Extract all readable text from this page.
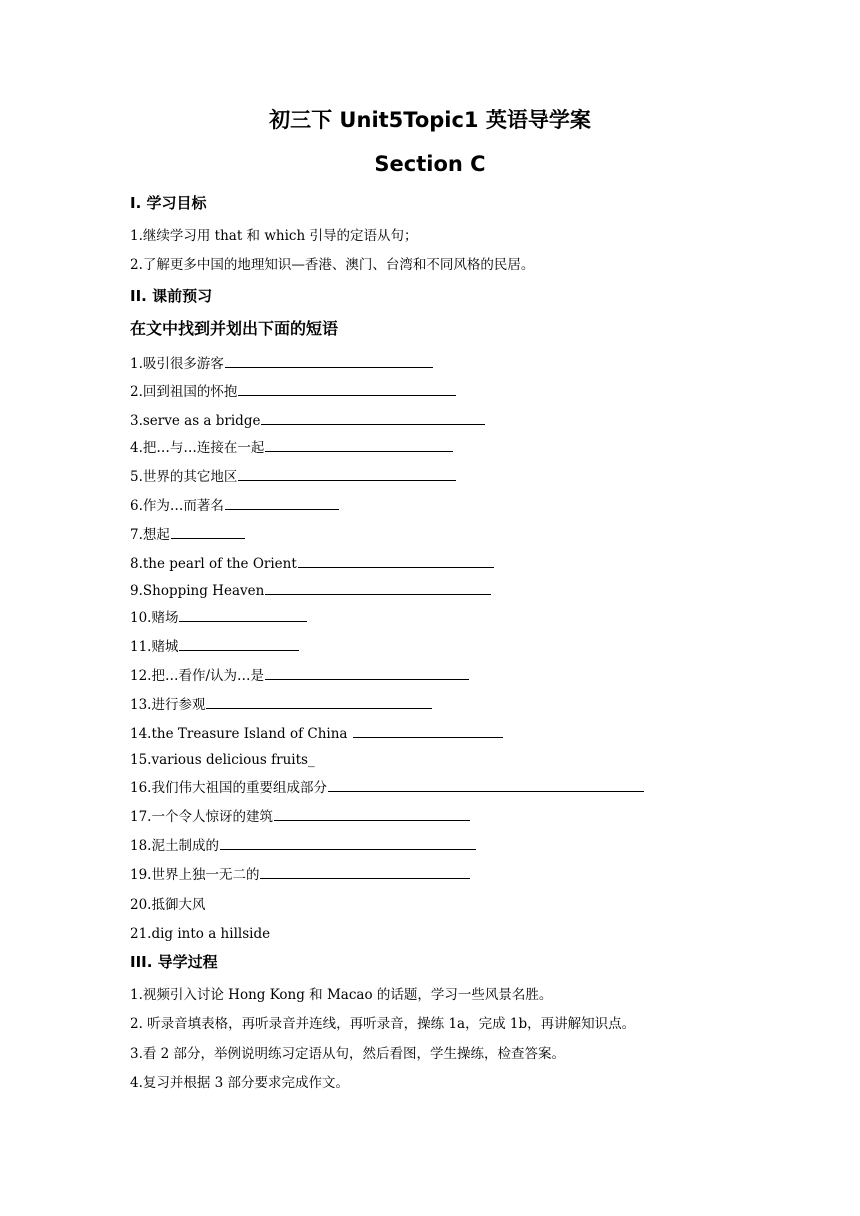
初三下 Unit5Topic1 英语导学案
Section C
I. 学习目标
1.继续学习用 that 和 which 引导的定语从句；
2.了解更多中国的地理知识—香港、澳门、台湾和不同风格的民居。
II. 课前预习
在文中找到并划出下面的短语
1.吸引很多游客
2.回到祖国的怀抱
3.serve as a bridge
4.把…与…连接在一起
5.世界的其它地区
6.作为…而著名
7.想起
8.the pearl of the Orient
9.Shopping Heaven
10.赌场
11.赌城
12.把…看作/认为…是
13.进行参观
14.the Treasure Island of China
15.various delicious fruits_
16.我们伟大祖国的重要组成部分
17.一个令人惊讶的建筑
18.泥土制成的
19.世界上独一无二的
20.抵御大风
21.dig into a hillside
III. 导学过程
1.视频引入讨论 Hong Kong 和 Macao 的话题，学习一些风景名胜。
2. 听录音填表格，再听录音并连线，再听录音，操练 1a，完成 1b，再讲解知识点。
3.看 2 部分，举例说明练习定语从句，然后看图，学生操练，检查答案。
4.复习并根据 3 部分要求完成作文。
